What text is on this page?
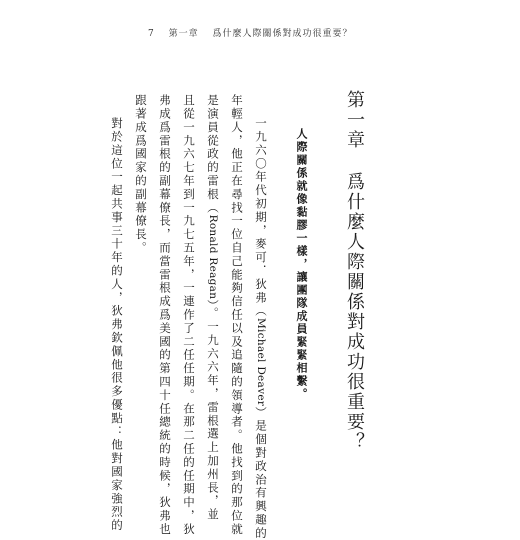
7 第一章 爲什麼人際關係對成功很重要？
第一章爲什麼人際關係對成功很重要？
人際關係就像黏膠一樣，讓團隊成員緊緊相繫。
一九六〇年代初期，麥可．狄弗（Michael Deaver）是個對政治有興趣的
年輕人，他正在尋找一位自己能夠信任以及追隨的領導者。他找到的那位就
是演員從政的雷根（Ronald Reagan）。一九六六年，雷根選上加州長，並
且從一九六七年到一九七五年，一連作了二任任期。在那二任的任期中，狄
弗成爲雷根的副幕僚長，而當雷根成爲美國的第四十任總統的時候，狄弗也
跟著成爲國家的副幕僚長。
對於這位一起共事三十年的人，狄弗欽佩他很多優點：他對國家強烈的
